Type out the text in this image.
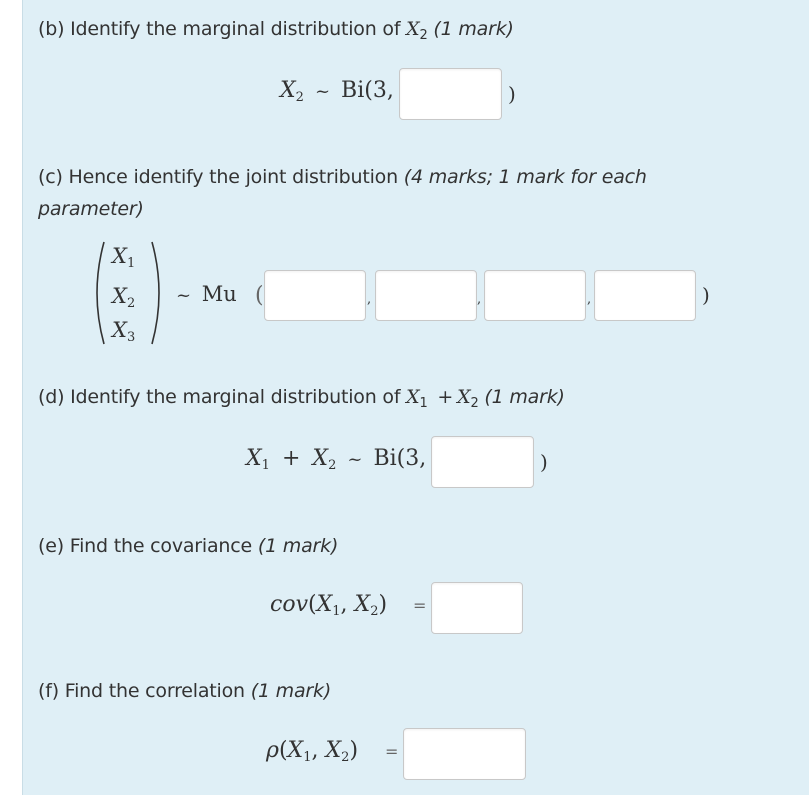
(b) Identify the marginal distribution of $X_2$ (1 mark)
$X_2$ ~ Bi(3,	)
(c) Hence identify the joint distribution (4 marks; 1 mark for each
parameter)
$X_1$
$X_2$
$X_3$
~ Mu (	,	,	,	)
(d) Identify the marginal distribution of $X_1 + X_2$ (1 mark)
$X_1 + X_2$ ~ Bi(3,	)
(e) Find the covariance (1 mark)
$cov(X_1$, $X_2$) =
(f) Find the correlation (1 mark)
$\rho(X_1$, $X_2$) =
